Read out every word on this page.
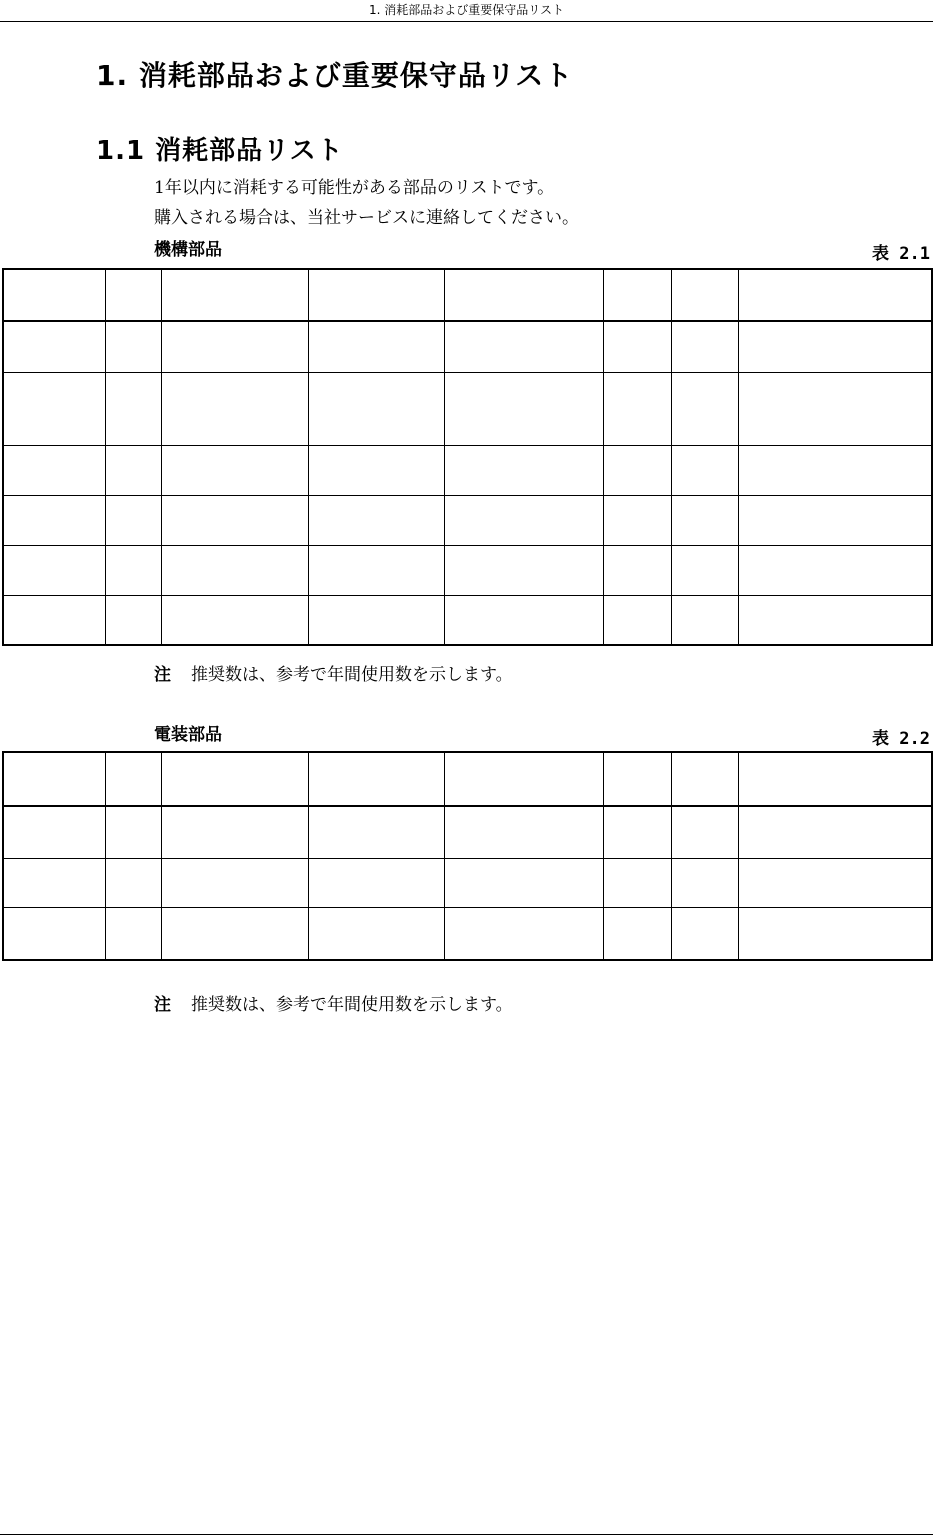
1. 消耗部品および重要保守品リスト
1. 消耗部品および重要保守品リスト
1.1 消耗部品リスト
1年以内に消耗する可能性がある部品のリストです。
購入される場合は、当社サービスに連絡してください。
機構部品	表 2.1

注 推奨数は、参考で年間使用数を示します。
電装部品	表 2.2

注 推奨数は、参考で年間使用数を示します。
